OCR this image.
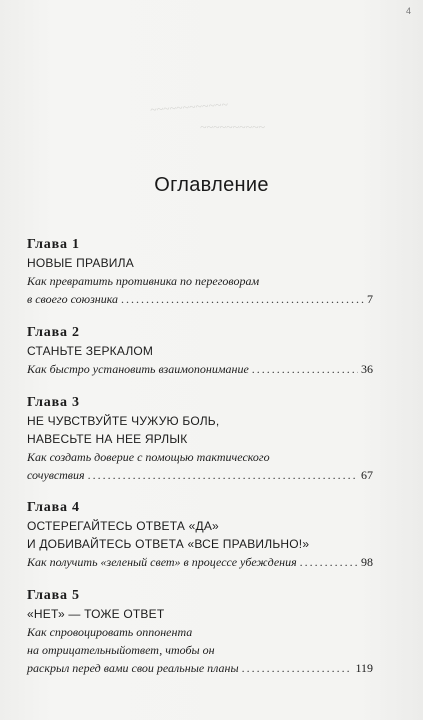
4
~~~~~~~~~~~~
~~~~~~~~~~
Оглавление
Глава 1
НОВЫЕ ПРАВИЛА
Как превратить противника по переговорам
в своего союзника .....	7
Глава 2
СТАНЬТЕ ЗЕРКАЛОМ
Как быстро установить взаимопонимание .....	36
Глава 3
НЕ ЧУВСТВУЙТЕ ЧУЖУЮ БОЛЬ,
НАВЕСЬТЕ НА НЕЕ ЯРЛЫК
Как создать доверие с помощью тактического
сочувствия .....	67
Глава 4
ОСТЕРЕГАЙТЕСЬ ОТВЕТА «ДА»
И ДОБИВАЙТЕСЬ ОТВЕТА «ВСЕ ПРАВИЛЬНО!»
Как получить «зеленый свет» в процессе убеждения .....	98
Глава 5
«НЕТ» — ТОЖЕ ОТВЕТ
Как спровоцировать оппонента
на отрицательныйответ, чтобы он
раскрыл перед вами свои реальные планы .....	119
